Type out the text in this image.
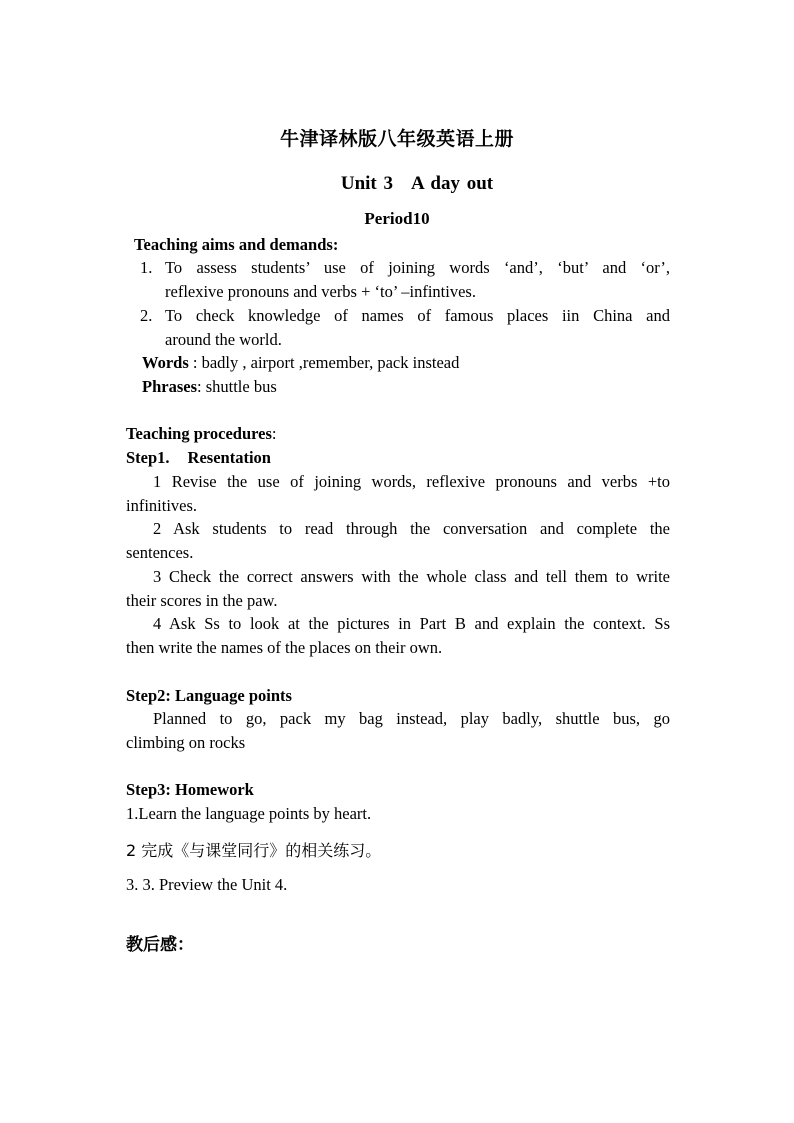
牛津译林版八年级英语上册
Unit 3 A day out
Period10
Teaching aims and demands:
1. To assess students’ use of joining words ‘and’, ‘but’ and ‘or’,
reflexive pronouns and verbs + ‘to’ –infintives.
2. To check knowledge of names of famous places iin China and
around the world.
Words : badly , airport ,remember, pack instead
Phrases: shuttle bus
Teaching procedures:
Step1. Resentation
1 Revise the use of joining words, reflexive pronouns and verbs +to
infinitives.
2 Ask students to read through the conversation and complete the
sentences.
3 Check the correct answers with the whole class and tell them to write
their scores in the paw.
4 Ask Ss to look at the pictures in Part B and explain the context. Ss
then write the names of the places on their own.
Step2: Language points
Planned to go, pack my bag instead, play badly, shuttle bus, go
climbing on rocks
Step3: Homework
1.Learn the language points by heart.
2 完成《与课堂同行》的相关练习。
3. 3. Preview the Unit 4.
教后感：
